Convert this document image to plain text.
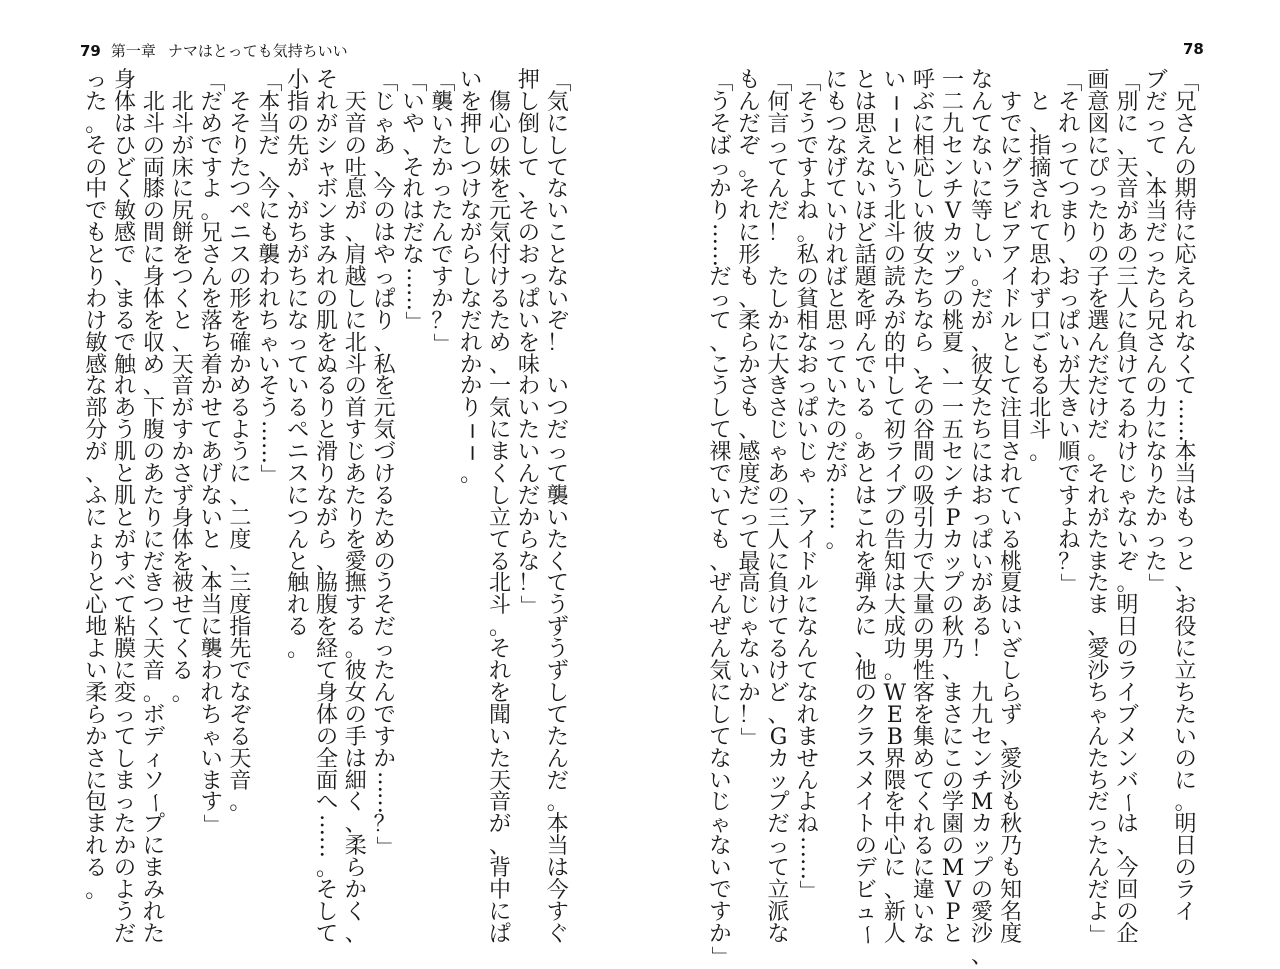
79 第一章 ナマはとっても気持ちいい	78
「
兄
さ
ん
の
期
待
に
応
え
ら
れ
な
く
て
…
…
本
当
は
も
っ
と
、
お
役
に
立
ち
た
い
の
に
。
明
日
の
ラ
イ
ブ
だ
っ
て
、
本
当
だ
っ
た
ら
兄
さ
ん
の
力
に
な
り
た
か
っ
た
」
「
別
に
、
天
音
が
あ
の
三
人
に
負
け
て
る
わ
け
じ
ゃ
な
い
ぞ
。
明
日
の
ラ
イ
ブ
メ
ン
バ
ー
は
、
今
回
の
企
画
意
図
に
ぴ
っ
た
り
の
子
を
選
ん
だ
だ
け
だ
。
そ
れ
が
た
ま
た
ま
、
愛
沙
ち
ゃ
ん
た
ち
だ
っ
た
ん
だ
よ
」
「
そ
れ
っ
て
つ
ま
り
、
お
っ
ぱ
い
が
大
き
い
順
で
す
よ
ね
？
」

と
、
指
摘
さ
れ
て
思
わ
ず
口
ご
も
る
北
斗
。

す
で
に
グ
ラ
ビ
ア
ア
イ
ド
ル
と
し
て
注
目
さ
れ
て
い
る
桃
夏
は
い
ざ
し
ら
ず
、
愛
沙
も
秋
乃
も
知
名
度
な
ん
て
な
い
に
等
し
い
。
だ
が
、
彼
女
た
ち
に
は
お
っ
ぱ
い
が
あ
る
！

九
九
セ
ン
チ
M
カ
ッ
プ
の
愛
沙
、
一
二
九
セ
ン
チ
V
カ
ッ
プ
の
桃
夏
、
一
一
五
セ
ン
チ
P
カ
ッ
プ
の
秋
乃
、
ま
さ
に
こ
の
学
園
の
M
V
P
と
呼
ぶ
に
相
応
し
い
彼
女
た
ち
な
ら
、
そ
の
谷
間
の
吸
引
力
で
大
量
の
男
性
客
を
集
め
て
く
れ
る
に
違
い
な
い
─
─
と
い
う
北
斗
の
読
み
が
的
中
し
て
初
ラ
イ
ブ
の
告
知
は
大
成
功
。
W
E
B
界
隈
を
中
心
に
、
新
人
と
は
思
え
な
い
ほ
ど
話
題
を
呼
ん
で
い
る
。
あ
と
は
こ
れ
を
弾
み
に
、
他
の
ク
ラ
ス
メ
イ
ト
の
デ
ビ
ュ
ー
に
も
つ
な
げ
て
い
け
れ
ば
と
思
っ
て
い
た
の
だ
が
…
…
。
「
そ
う
で
す
よ
ね
。
私
の
貧
相
な
お
っ
ぱ
い
じ
ゃ
、
ア
イ
ド
ル
に
な
ん
て
な
れ
ま
せ
ん
よ
ね
…
…
」
「
何
言
っ
て
ん
だ
！

た
し
か
に
大
き
さ
じ
ゃ
あ
の
三
人
に
負
け
て
る
け
ど
、
G
カ
ッ
プ
だ
っ
て
立
派
な
も
ん
だ
ぞ
。
そ
れ
に
形
も
、
柔
ら
か
さ
も
、
感
度
だ
っ
て
最
高
じ
ゃ
な
い
か
！
」
「
う
そ
ば
っ
か
り
…
…
だ
っ
て
、
こ
う
し
て
裸
で
い
て
も
、
ぜ
ん
ぜ
ん
気
に
し
て
な
い
じ
ゃ
な
い
で
す
か
」
「
気
に
し
て
な
い
こ
と
な
い
ぞ
！

い
つ
だ
っ
て
襲
い
た
く
て
う
ず
う
ず
し
て
た
ん
だ
。
本
当
は
今
す
ぐ
押
し
倒
し
て
、
そ
の
お
っ
ぱ
い
を
味
わ
い
た
い
ん
だ
か
ら
な
！
」

傷
心
の
妹
を
元
気
付
け
る
た
め
、
一
気
に
ま
く
し
立
て
る
北
斗
。
そ
れ
を
聞
い
た
天
音
が
、
背
中
に
ぱ
い
を
押
し
つ
け
な
が
ら
し
な
だ
れ
か
か
り
─
─
。
「
襲
い
た
か
っ
た
ん
で
す
か
？
」
「
い
や
、
そ
れ
は
だ
な
…
…
」
「
じ
ゃ
あ
、
今
の
は
や
っ
ぱ
り
、
私
を
元
気
づ
け
る
た
め
の
う
そ
だ
っ
た
ん
で
す
か
…
…
？
」

天
音
の
吐
息
が
、
肩
越
し
に
北
斗
の
首
す
じ
あ
た
り
を
愛
撫
す
る
。
彼
女
の
手
は
細
く
、
柔
ら
か
く
、
そ
れ
が
シ
ャ
ボ
ン
ま
み
れ
の
肌
を
ぬ
る
り
と
滑
り
な
が
ら
、
脇
腹
を
経
て
身
体
の
全
面
へ
…
…
。
そ
し
て
小
指
の
先
が
、
が
ち
が
ち
に
な
っ
て
い
る
ペ
ニ
ス
に
つ
ん
と
触
れ
る
。
「
本
当
だ
、
今
に
も
襲
わ
れ
ち
ゃ
い
そ
う
…
…
」

そ
そ
り
た
つ
ペ
ニ
ス
の
形
を
確
か
め
る
よ
う
に
、
二
度
、
三
度
指
先
で
な
ぞ
る
天
音
。
「
だ
め
で
す
よ
。
兄
さ
ん
を
落
ち
着
か
せ
て
あ
げ
な
い
と
、
本
当
に
襲
わ
れ
ち
ゃ
い
ま
す
」

北
斗
が
床
に
尻
餅
を
つ
く
と
、
天
音
が
す
か
さ
ず
身
体
を
被
せ
て
く
る
。

北
斗
の
両
膝
の
間
に
身
体
を
収
め
、
下
腹
の
あ
た
り
に
だ
き
つ
く
天
音
。
ボ
デ
ィ
ソ
ー
プ
に
ま
み
れ
た
身
体
は
ひ
ど
く
敏
感
で
、
ま
る
で
触
れ
あ
う
肌
と
肌
と
が
す
べ
て
粘
膜
に
変
っ
て
し
ま
っ
た
か
の
よ
う
だ
っ
た
。
そ
の
中
で
も
と
り
わ
け
敏
感
な
部
分
が
、
ふ
に
ょ
り
と
心
地
よ
い
柔
ら
か
さ
に
包
ま
れ
る
。
